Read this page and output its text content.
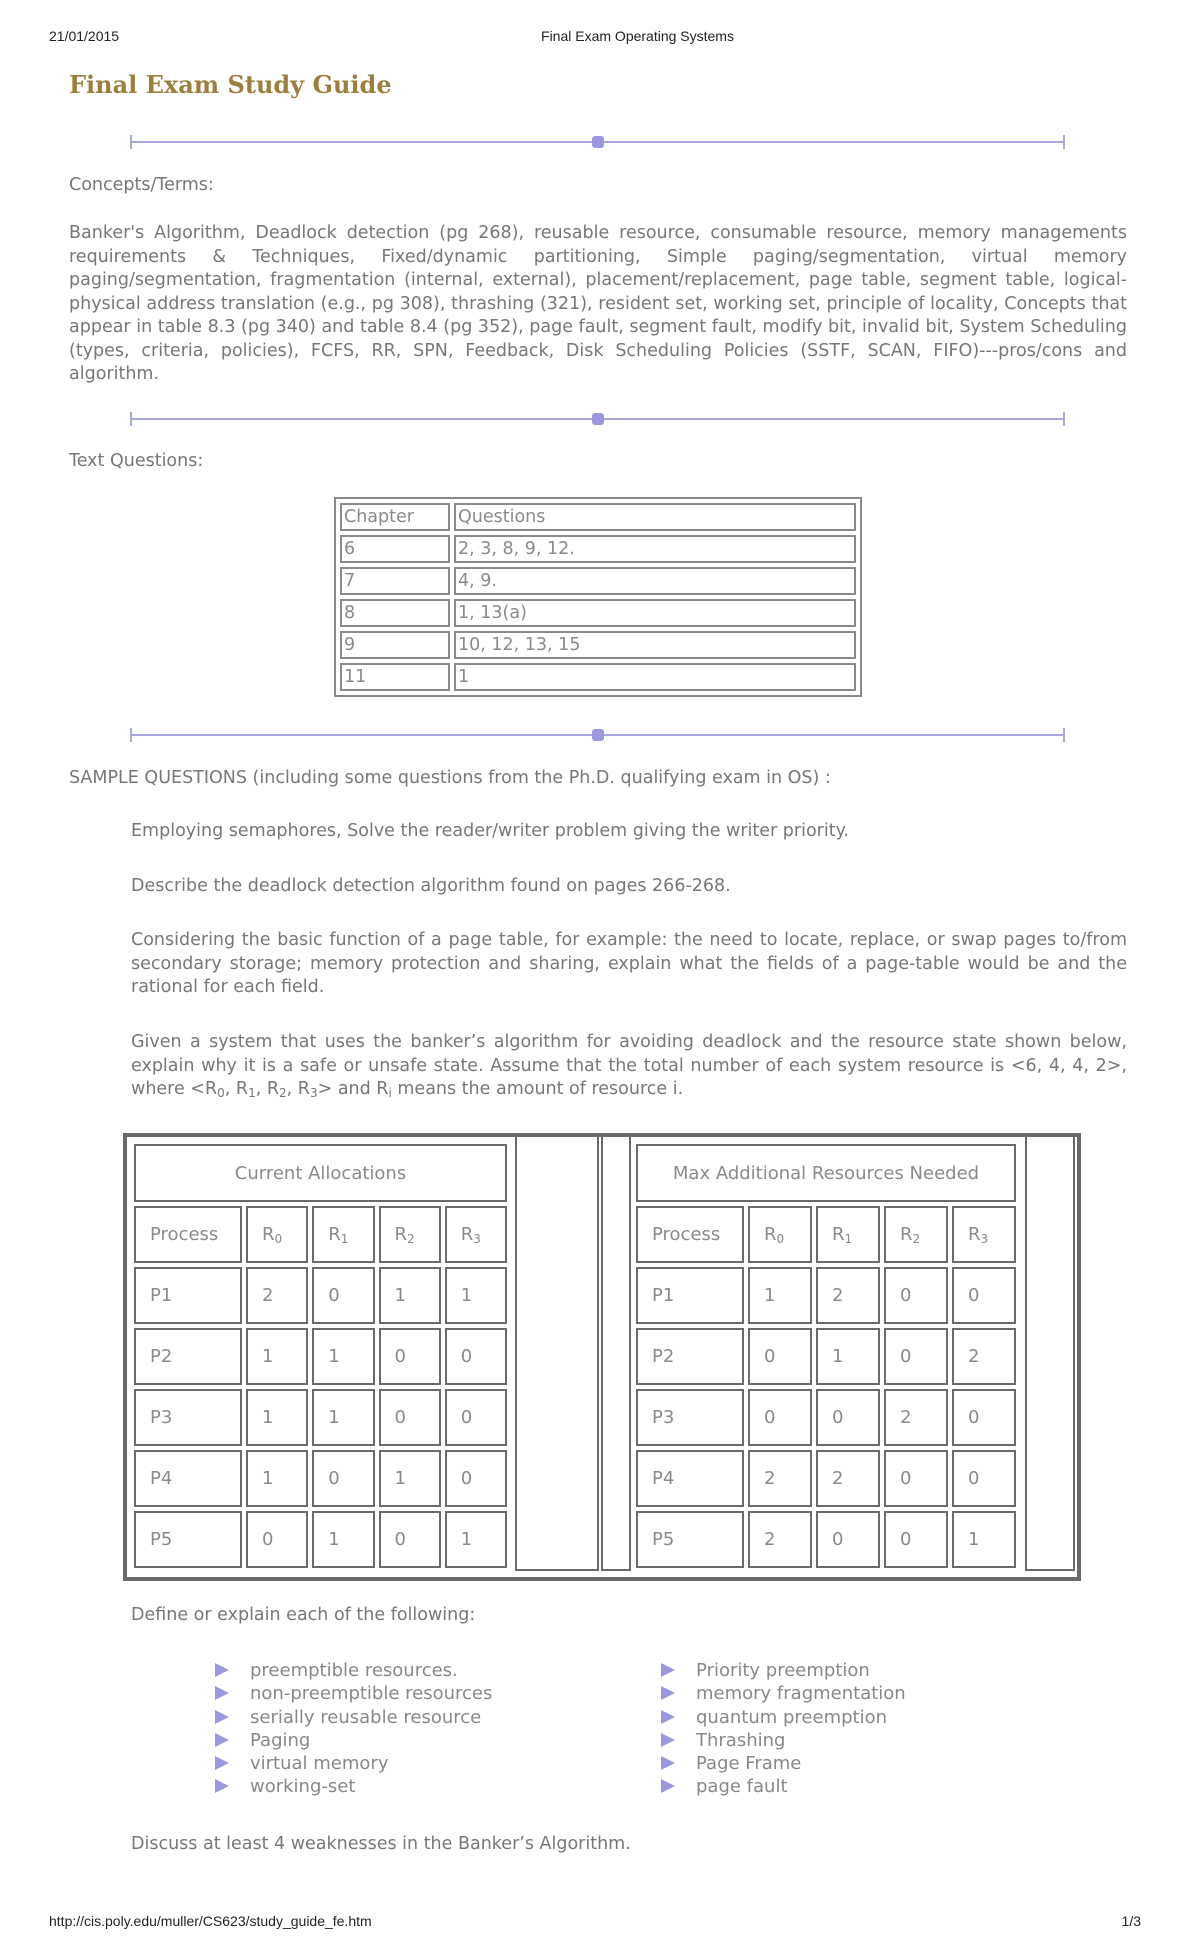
21/01/2015	Final Exam Operating Systems
Final Exam Study Guide
Concepts/Terms:
Banker's Algorithm, Deadlock detection (pg 268), reusable resource, consumable resource, memory managements requirements & Techniques, Fixed/dynamic partitioning, Simple paging/segmentation, virtual memory paging/segmentation, fragmentation (internal, external), placement/replacement, page table, segment table, logical-physical address translation (e.g., pg 308), thrashing (321), resident set, working set, principle of locality, Concepts that appear in table 8.3 (pg 340) and table 8.4 (pg 352), page fault, segment fault, modify bit, invalid bit, System Scheduling (types, criteria, policies), FCFS, RR, SPN, Feedback, Disk Scheduling Policies (SSTF, SCAN, FIFO)---pros/cons and algorithm.
Text Questions:
Chapter	Questions
6	2, 3, 8, 9, 12.
7	4, 9.
8	1, 13(a)
9	10, 12, 13, 15
11	1
SAMPLE QUESTIONS (including some questions from the Ph.D. qualifying exam in OS) :
Employing semaphores, Solve the reader/writer problem giving the writer priority.
Describe the deadlock detection algorithm found on pages 266-268.
Considering the basic function of a page table, for example: the need to locate, replace, or swap pages to/from secondary storage; memory protection and sharing, explain what the fields of a page-table would be and the rational for each field.
Given a system that uses the banker’s algorithm for avoiding deadlock and the resource state shown below, explain why it is a safe or unsafe state. Assume that the total number of each system resource is <6, 4, 4, 2>, where $<R_0$, $R_1$, $R_2$, $R_3>$ and $R_i$ means the amount of resource i.
Current Allocations				
Process	$R_0$	$R_1$	$R_2$	$R_3$
P1	2	0	1	1
P2	1	1	0	0
P3	1	1	0	0
P4	1	0	1	0
P5	0	1	0	1
Max Additional Resources Needed				
Process	$R_0$	$R_1$	$R_2$	$R_3$
P1	1	2	0	0
P2	0	1	0	2
P3	0	0	2	0
P4	2	2	0	0
P5	2	0	0	1
Define or explain each of the following:
preemptible resources.
non-preemptible resources
serially reusable resource
Paging
virtual memory
working-set
Priority preemption
memory fragmentation
quantum preemption
Thrashing
Page Frame
page fault
Discuss at least 4 weaknesses in the Banker’s Algorithm.
http://cis.poly.edu/muller/CS623/study_guide_fe.htm	1/3
